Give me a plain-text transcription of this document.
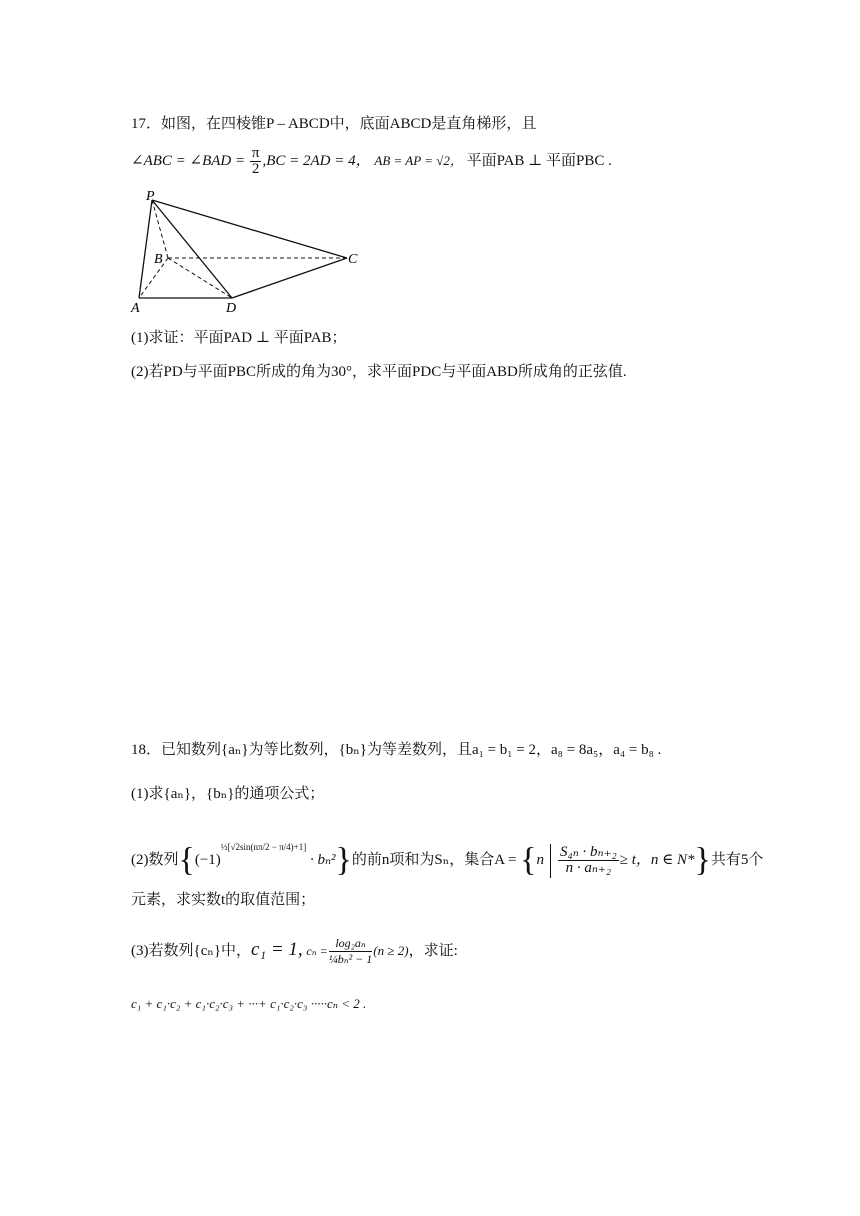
17．如图，在四棱锥P – ABCD中，底面ABCD是直角梯形，且
∠ABC = ∠BAD = $\frac{\pi}{2} ,BC = 2AD = 4$， AB = AP = √2， 平面PAB ⊥ 平面PBC .
P
B	C
A	D
(1)求证：平面PAD ⊥ 平面PAB；
(2)若PD与平面PBC所成的角为30°，求平面PDC与平面ABD所成角的正弦值.
18．已知数列{aₙ}为等比数列，{bₙ}为等差数列，且a₁ = b₁ = 2，a₈ = 8a₅，a₄ = b₈ .
(1)求{aₙ}，{bₙ}的通项公式；
(2)数列$\{(-1)^{\frac{1}{2}[√2sin(n\pi/2 - \pi/4)+1]} \cdot b_n^2\}$的前n项和为Sₙ，集合$A = \{n \frac{\text{S₄ₙ · bₙ₊₂}}{\text{n · aₙ₊₂}} \ge t$，n ∈ N*}共有5个
元素，求实数t的取值范围；
(3)若数列{cₙ}中，c₁ = 1, $c_n = \frac{\text{log₂aₙ}}{\text{¼bₙ² − 1}} (n \ge 2)$，求证:
c₁ + c₁·c₂ + c₁·c₂·c₃ + ···+ c₁·c₂·c₃ ·····cₙ < 2 .
